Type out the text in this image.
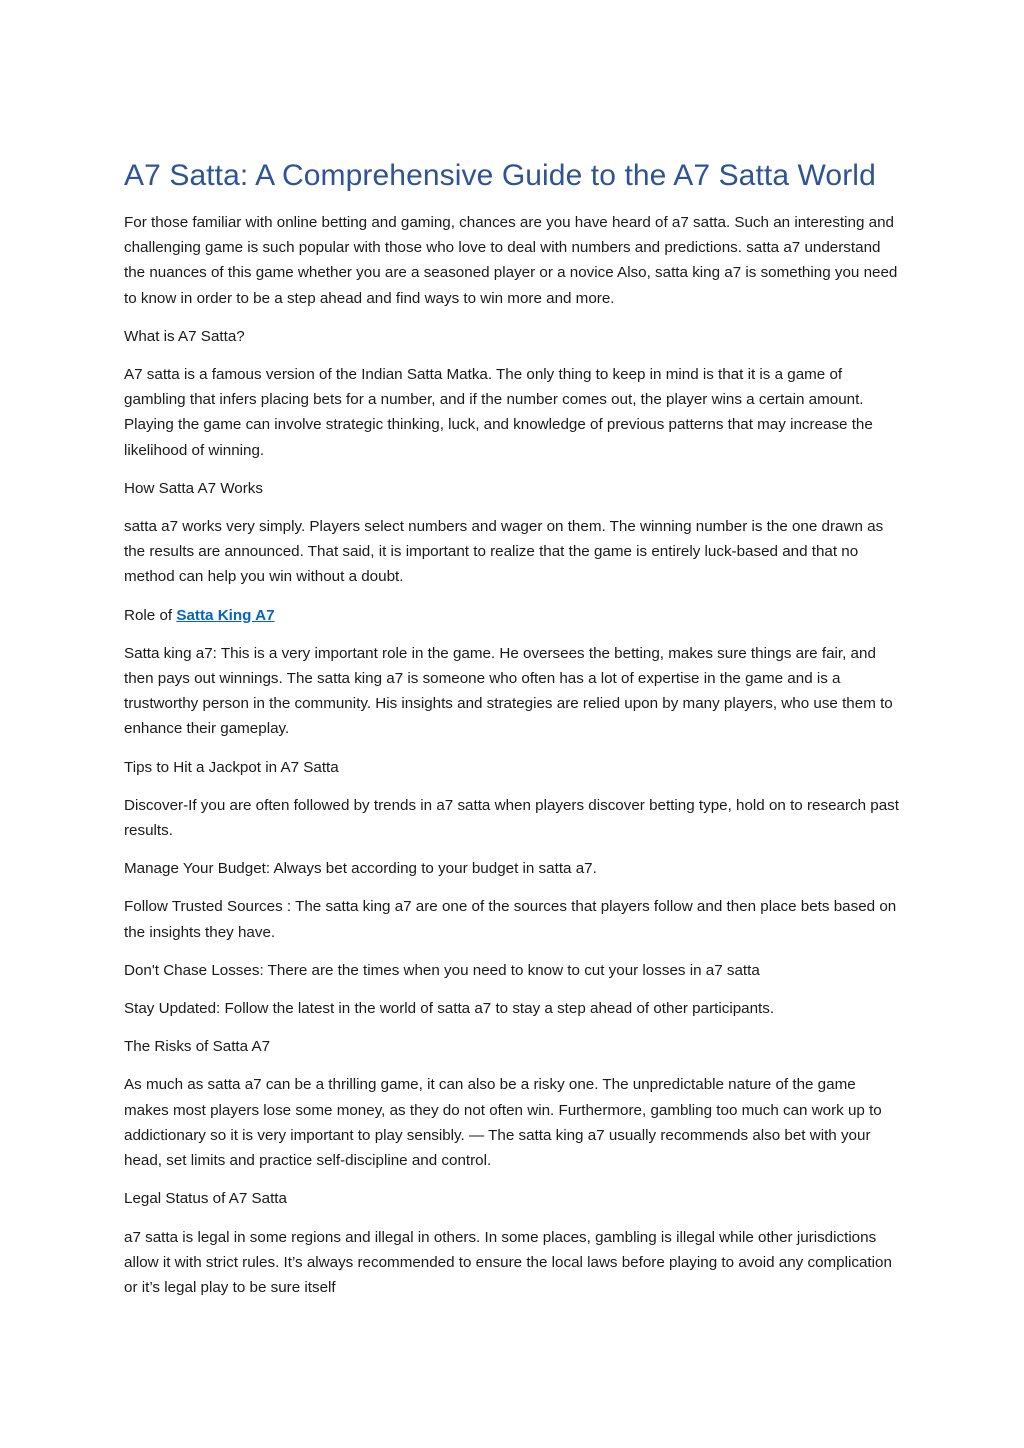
A7 Satta: A Comprehensive Guide to the A7 Satta World

For those familiar with online betting and gaming, chances are you have heard of a7 satta. Such an interesting and challenging game is such popular with those who love to deal with numbers and predictions. satta a7 understand the nuances of this game whether you are a seasoned player or a novice Also, satta king a7 is something you need to know in order to be a step ahead and find ways to win more and more.

What is A7 Satta?

A7 satta is a famous version of the Indian Satta Matka. The only thing to keep in mind is that it is a game of gambling that infers placing bets for a number, and if the number comes out, the player wins a certain amount. Playing the game can involve strategic thinking, luck, and knowledge of previous patterns that may increase the likelihood of winning.

How Satta A7 Works

satta a7 works very simply. Players select numbers and wager on them. The winning number is the one drawn as the results are announced. That said, it is important to realize that the game is entirely luck-based and that no method can help you win without a doubt.

Role of Satta King A7

Satta king a7: This is a very important role in the game. He oversees the betting, makes sure things are fair, and then pays out winnings. The satta king a7 is someone who often has a lot of expertise in the game and is a trustworthy person in the community. His insights and strategies are relied upon by many players, who use them to enhance their gameplay.

Tips to Hit a Jackpot in A7 Satta

Discover-If you are often followed by trends in a7 satta when players discover betting type, hold on to research past results.

Manage Your Budget: Always bet according to your budget in satta a7.

Follow Trusted Sources : The satta king a7 are one of the sources that players follow and then place bets based on the insights they have.

Don't Chase Losses: There are the times when you need to know to cut your losses in a7 satta

Stay Updated: Follow the latest in the world of satta a7 to stay a step ahead of other participants.

The Risks of Satta A7

As much as satta a7 can be a thrilling game, it can also be a risky one. The unpredictable nature of the game makes most players lose some money, as they do not often win. Furthermore, gambling too much can work up to addictionary so it is very important to play sensibly. — The satta king a7 usually recommends also bet with your head, set limits and practice self-discipline and control.

Legal Status of A7 Satta

a7 satta is legal in some regions and illegal in others. In some places, gambling is illegal while other jurisdictions allow it with strict rules. It’s always recommended to ensure the local laws before playing to avoid any complication or it’s legal play to be sure itself
